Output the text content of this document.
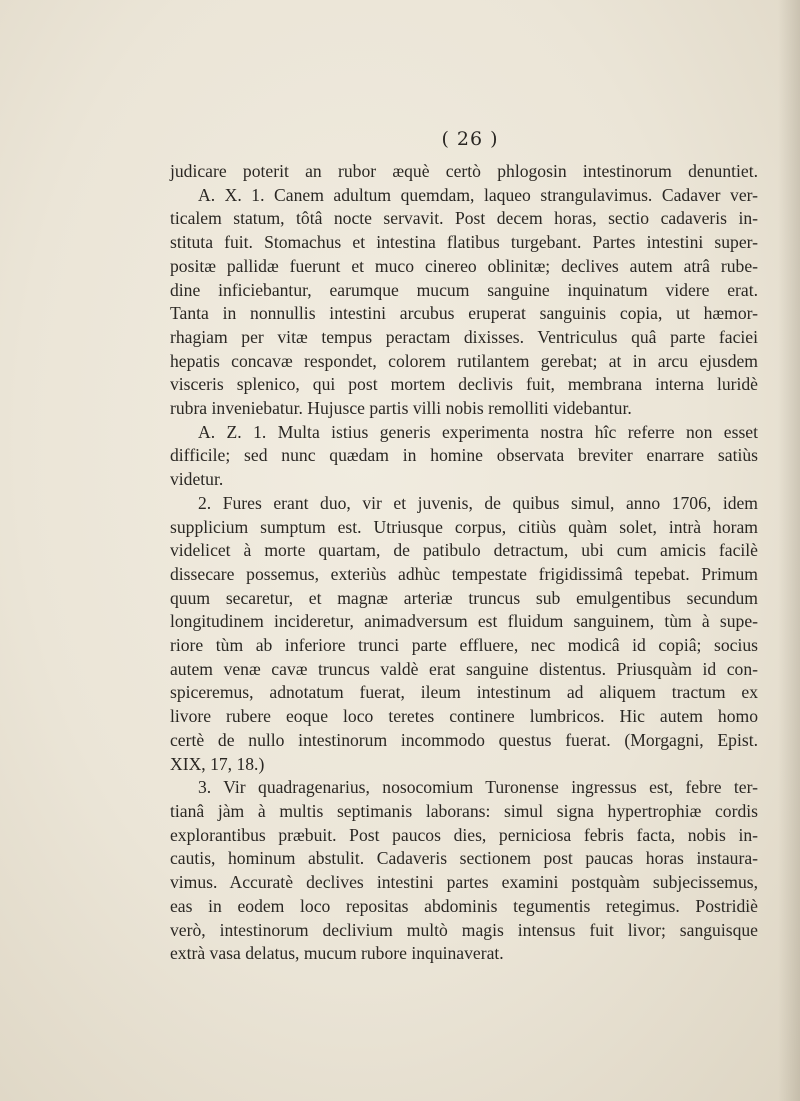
( 26 )
judicare poterit an rubor æquè certò phlogosin intestinorum denuntiet.
A. X. 1. Canem adultum quemdam, laqueo strangulavimus. Cadaver ver-
ticalem statum, tôtâ nocte servavit. Post decem horas, sectio cadaveris in-
stituta fuit. Stomachus et intestina flatibus turgebant. Partes intestini super-
positæ pallidæ fuerunt et muco cinereo oblinitæ; declives autem atrâ rube-
dine inficiebantur, earumque mucum sanguine inquinatum videre erat.
Tanta in nonnullis intestini arcubus eruperat sanguinis copia, ut hæmor-
rhagiam per vitæ tempus peractam dixisses. Ventriculus quâ parte faciei
hepatis concavæ respondet, colorem rutilantem gerebat; at in arcu ejusdem
visceris splenico, qui post mortem declivis fuit, membrana interna luridè
rubra inveniebatur. Hujusce partis villi nobis remolliti videbantur.
A. Z. 1. Multa istius generis experimenta nostra hîc referre non esset
difficile; sed nunc quædam in homine observata breviter enarrare satiùs
videtur.
2. Fures erant duo, vir et juvenis, de quibus simul, anno 1706, idem
supplicium sumptum est. Utriusque corpus, citiùs quàm solet, intrà horam
videlicet à morte quartam, de patibulo detractum, ubi cum amicis facilè
dissecare possemus, exteriùs adhùc tempestate frigidissimâ tepebat. Primum
quum secaretur, et magnæ arteriæ truncus sub emulgentibus secundum
longitudinem incideretur, animadversum est fluidum sanguinem, tùm à supe-
riore tùm ab inferiore trunci parte effluere, nec modicâ id copiâ; socius
autem venæ cavæ truncus valdè erat sanguine distentus. Priusquàm id con-
spiceremus, adnotatum fuerat, ileum intestinum ad aliquem tractum ex
livore rubere eoque loco teretes continere lumbricos. Hic autem homo
certè de nullo intestinorum incommodo questus fuerat. (Morgagni, Epist.
XIX, 17, 18.)
3. Vir quadragenarius, nosocomium Turonense ingressus est, febre ter-
tianâ jàm à multis septimanis laborans: simul signa hypertrophiæ cordis
explorantibus præbuit. Post paucos dies, perniciosa febris facta, nobis in-
cautis, hominum abstulit. Cadaveris sectionem post paucas horas instaura-
vimus. Accuratè declives intestini partes examini postquàm subjecissemus,
eas in eodem loco repositas abdominis tegumentis retegimus. Postridiè
verò, intestinorum declivium multò magis intensus fuit livor; sanguisque
extrà vasa delatus, mucum rubore inquinaverat.
